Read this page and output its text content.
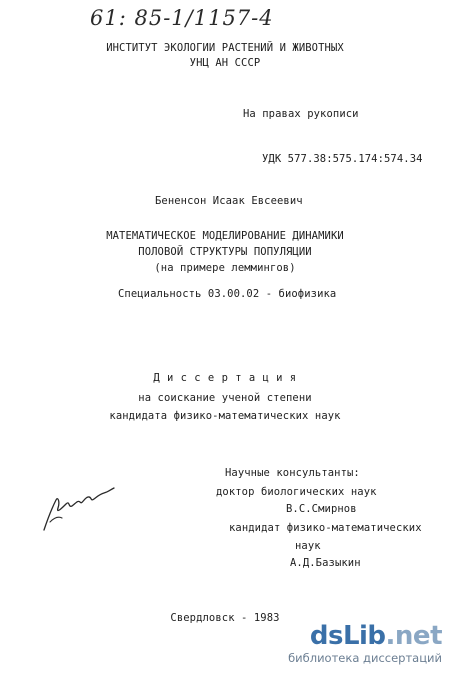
61: 85-1/1157-4
ИНСТИТУТ ЭКОЛОГИИ РАСТЕНИЙ И ЖИВОТНЫХ
УНЦ АН СССР
На правах рукописи
УДК 577.38:575.174:574.34
Бененсон Исаак Евсеевич
МАТЕМАТИЧЕСКОЕ МОДЕЛИРОВАНИЕ ДИНАМИКИ
ПОЛОВОЙ СТРУКТУРЫ ПОПУЛЯЦИИ
(на примере леммингов)
Специальность 03.00.02 - биофизика
Д и с с е р т а ц и я
на соискание ученой степени
кандидата физико-математических наук
Научные консультанты:
доктор биологических наук
В.С.Смирнов
кандидат физико-математических
наук
А.Д.Базыкин
Свердловск - 1983
dsLib.net
библиотека диссертаций
